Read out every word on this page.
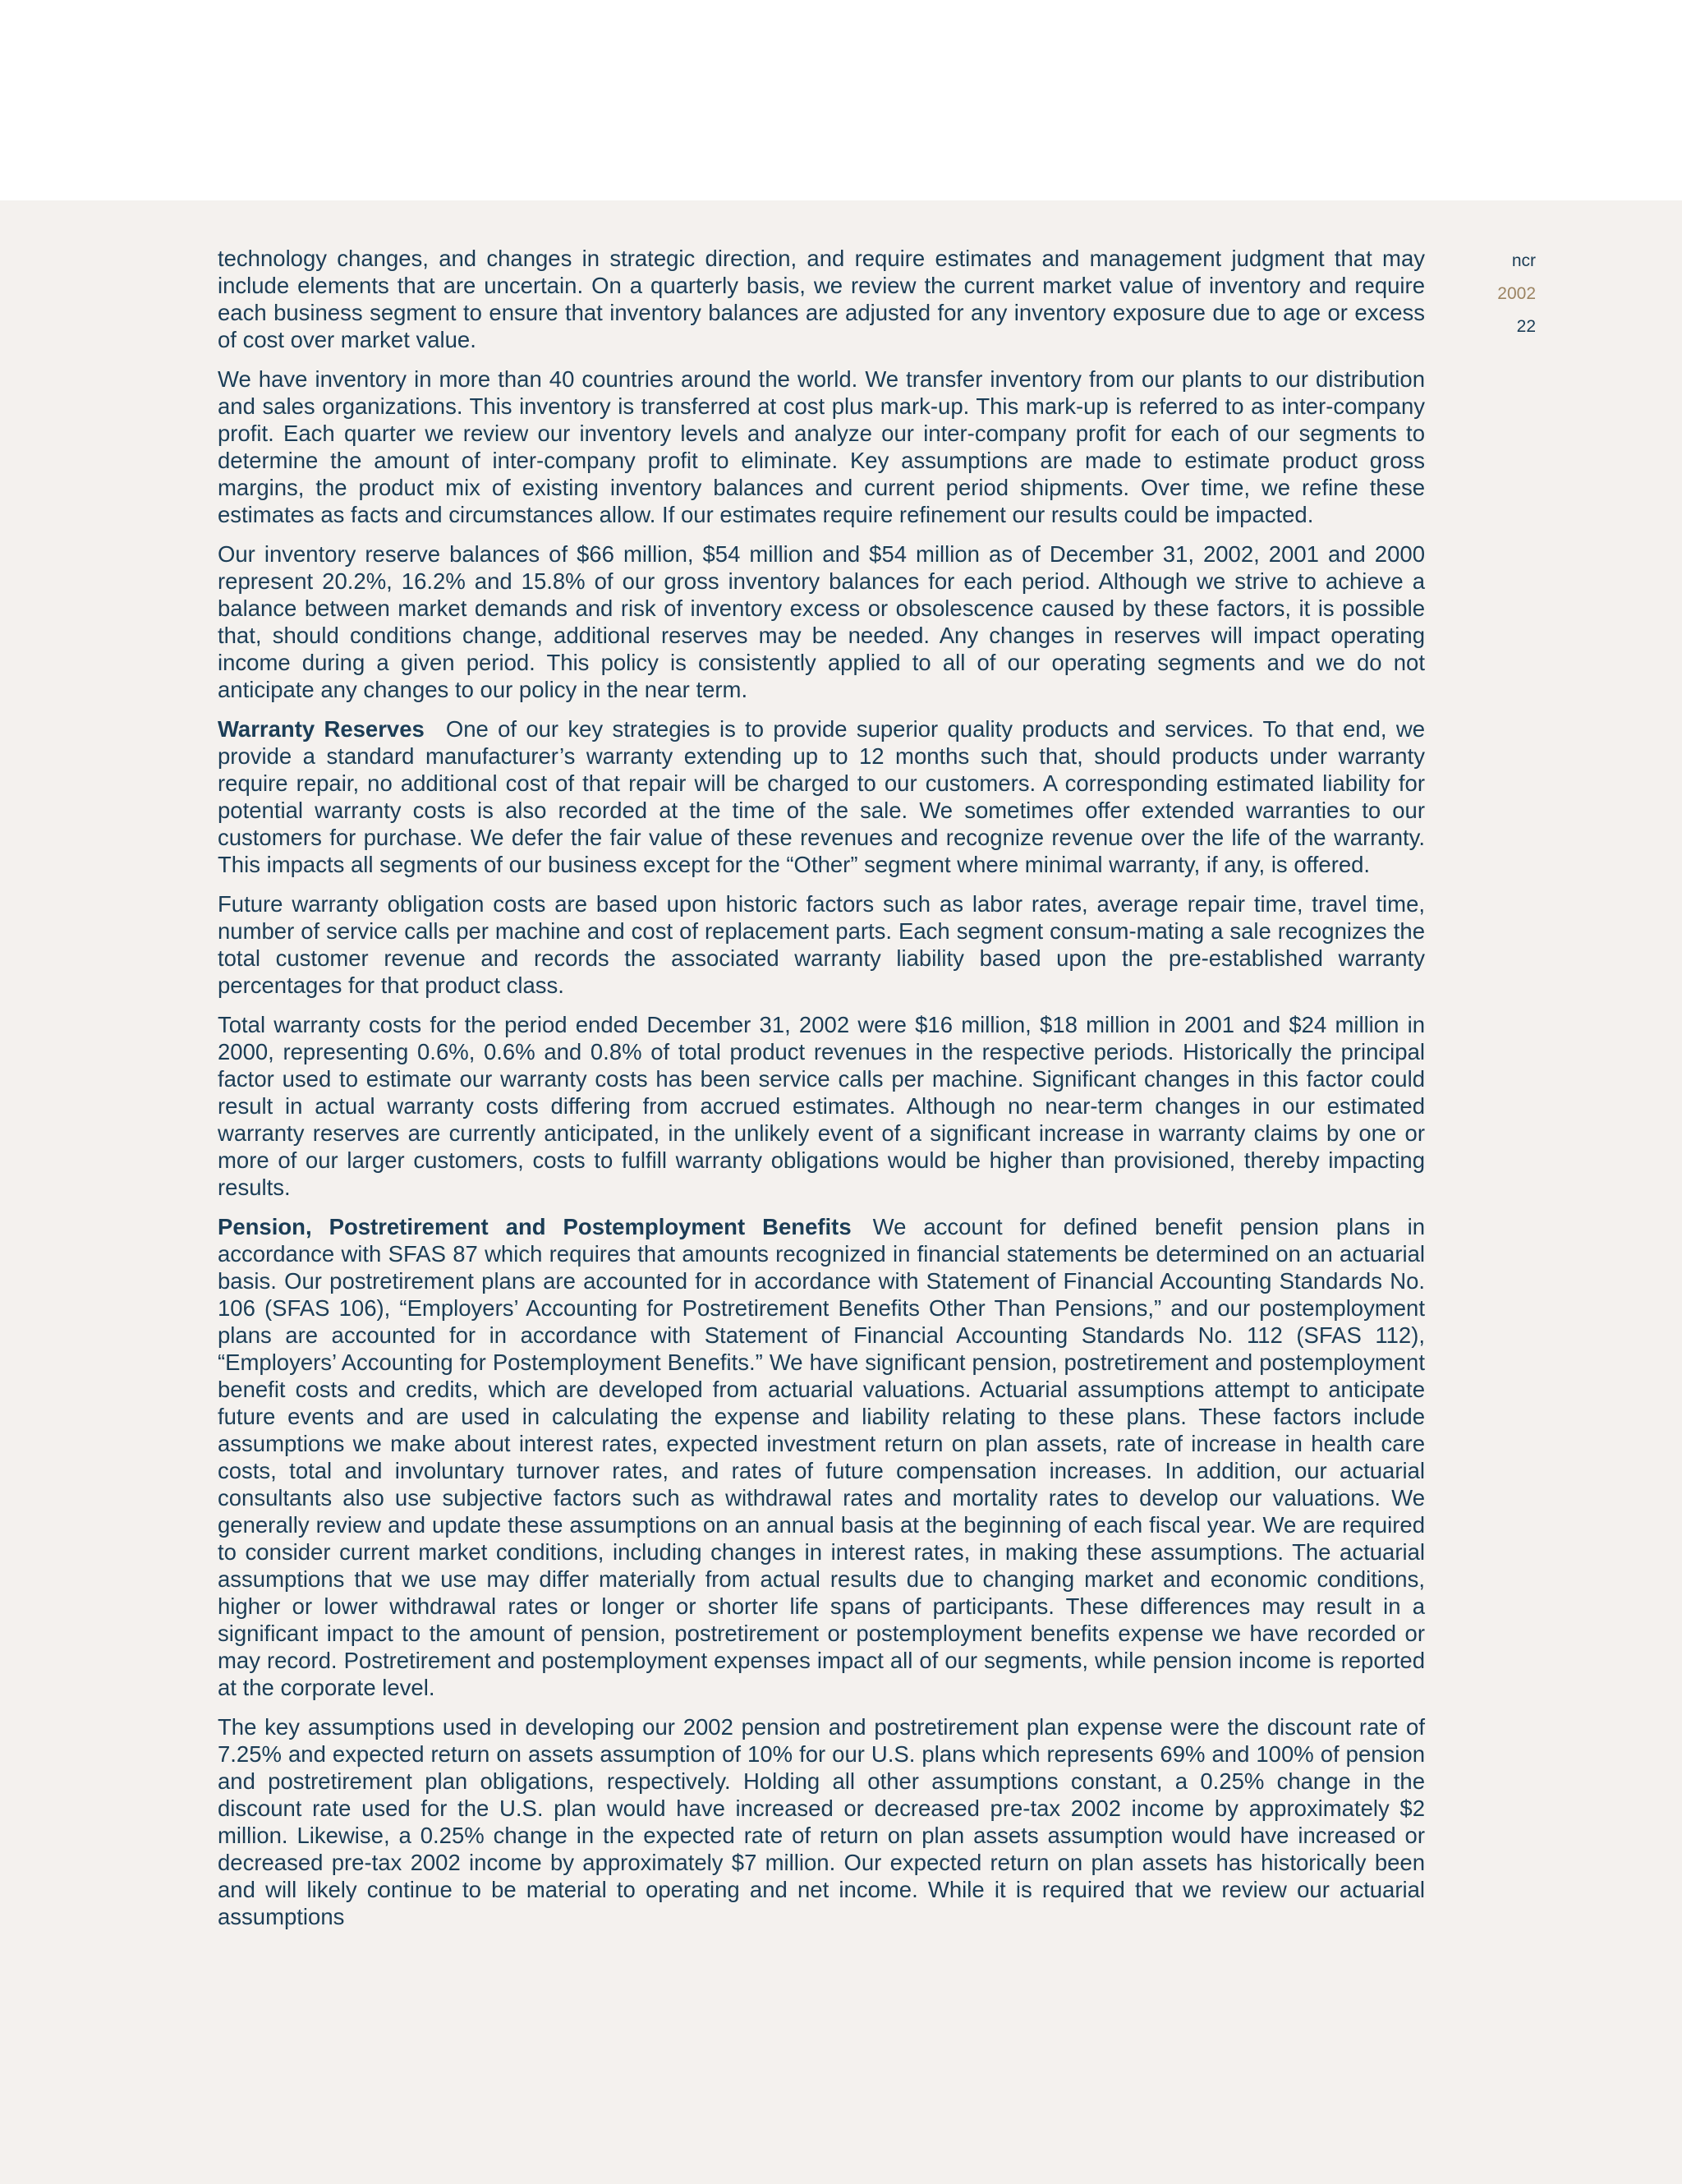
ncr
2002
22

technology changes, and changes in strategic direction, and require estimates and management judgment that may include elements that are uncertain. On a quarterly basis, we review the current market value of inventory and require each business segment to ensure that inventory balances are adjusted for any inventory exposure due to age or excess of cost over market value.

We have inventory in more than 40 countries around the world. We transfer inventory from our plants to our distribution and sales organizations. This inventory is transferred at cost plus mark-up. This mark-up is referred to as inter-company profit. Each quarter we review our inventory levels and analyze our inter-company profit for each of our segments to determine the amount of inter-company profit to eliminate. Key assumptions are made to estimate product gross margins, the product mix of existing inventory balances and current period shipments. Over time, we refine these estimates as facts and circumstances allow. If our estimates require refinement our results could be impacted.

Our inventory reserve balances of $66 million, $54 million and $54 million as of December 31, 2002, 2001 and 2000 represent 20.2%, 16.2% and 15.8% of our gross inventory balances for each period. Although we strive to achieve a balance between market demands and risk of inventory excess or obsolescence caused by these factors, it is possible that, should conditions change, additional reserves may be needed. Any changes in reserves will impact operating income during a given period. This policy is consistently applied to all of our operating segments and we do not anticipate any changes to our policy in the near term.

Warranty Reserves One of our key strategies is to provide superior quality products and services. To that end, we provide a standard manufacturer’s warranty extending up to 12 months such that, should products under warranty require repair, no additional cost of that repair will be charged to our customers. A corresponding estimated liability for potential warranty costs is also recorded at the time of the sale. We sometimes offer extended warranties to our customers for purchase. We defer the fair value of these revenues and recognize revenue over the life of the warranty. This impacts all segments of our business except for the “Other” segment where minimal warranty, if any, is offered.

Future warranty obligation costs are based upon historic factors such as labor rates, average repair time, travel time, number of service calls per machine and cost of replacement parts. Each segment consum-mating a sale recognizes the total customer revenue and records the associated warranty liability based upon the pre-established warranty percentages for that product class.

Total warranty costs for the period ended December 31, 2002 were $16 million, $18 million in 2001 and $24 million in 2000, representing 0.6%, 0.6% and 0.8% of total product revenues in the respective periods. Historically the principal factor used to estimate our warranty costs has been service calls per machine. Significant changes in this factor could result in actual warranty costs differing from accrued estimates. Although no near-term changes in our estimated warranty reserves are currently anticipated, in the unlikely event of a significant increase in warranty claims by one or more of our larger customers, costs to fulfill warranty obligations would be higher than provisioned, thereby impacting results.

Pension, Postretirement and Postemployment Benefits We account for defined benefit pension plans in accordance with SFAS 87 which requires that amounts recognized in financial statements be determined on an actuarial basis. Our postretirement plans are accounted for in accordance with Statement of Financial Accounting Standards No. 106 (SFAS 106), “Employers’ Accounting for Postretirement Benefits Other Than Pensions,” and our postemployment plans are accounted for in accordance with Statement of Financial Accounting Standards No. 112 (SFAS 112), “Employers’ Accounting for Postemployment Benefits.” We have significant pension, postretirement and postemployment benefit costs and credits, which are developed from actuarial valuations. Actuarial assumptions attempt to anticipate future events and are used in calculating the expense and liability relating to these plans. These factors include assumptions we make about interest rates, expected investment return on plan assets, rate of increase in health care costs, total and involuntary turnover rates, and rates of future compensation increases. In addition, our actuarial consultants also use subjective factors such as withdrawal rates and mortality rates to develop our valuations. We generally review and update these assumptions on an annual basis at the beginning of each fiscal year. We are required to consider current market conditions, including changes in interest rates, in making these assumptions. The actuarial assumptions that we use may differ materially from actual results due to changing market and economic conditions, higher or lower withdrawal rates or longer or shorter life spans of participants. These differences may result in a significant impact to the amount of pension, postretirement or postemployment benefits expense we have recorded or may record. Postretirement and postemployment expenses impact all of our segments, while pension income is reported at the corporate level.

The key assumptions used in developing our 2002 pension and postretirement plan expense were the discount rate of 7.25% and expected return on assets assumption of 10% for our U.S. plans which represents 69% and 100% of pension and postretirement plan obligations, respectively. Holding all other assumptions constant, a 0.25% change in the discount rate used for the U.S. plan would have increased or decreased pre-tax 2002 income by approximately $2 million. Likewise, a 0.25% change in the expected rate of return on plan assets assumption would have increased or decreased pre-tax 2002 income by approximately $7 million. Our expected return on plan assets has historically been and will likely continue to be material to operating and net income. While it is required that we review our actuarial assumptions
